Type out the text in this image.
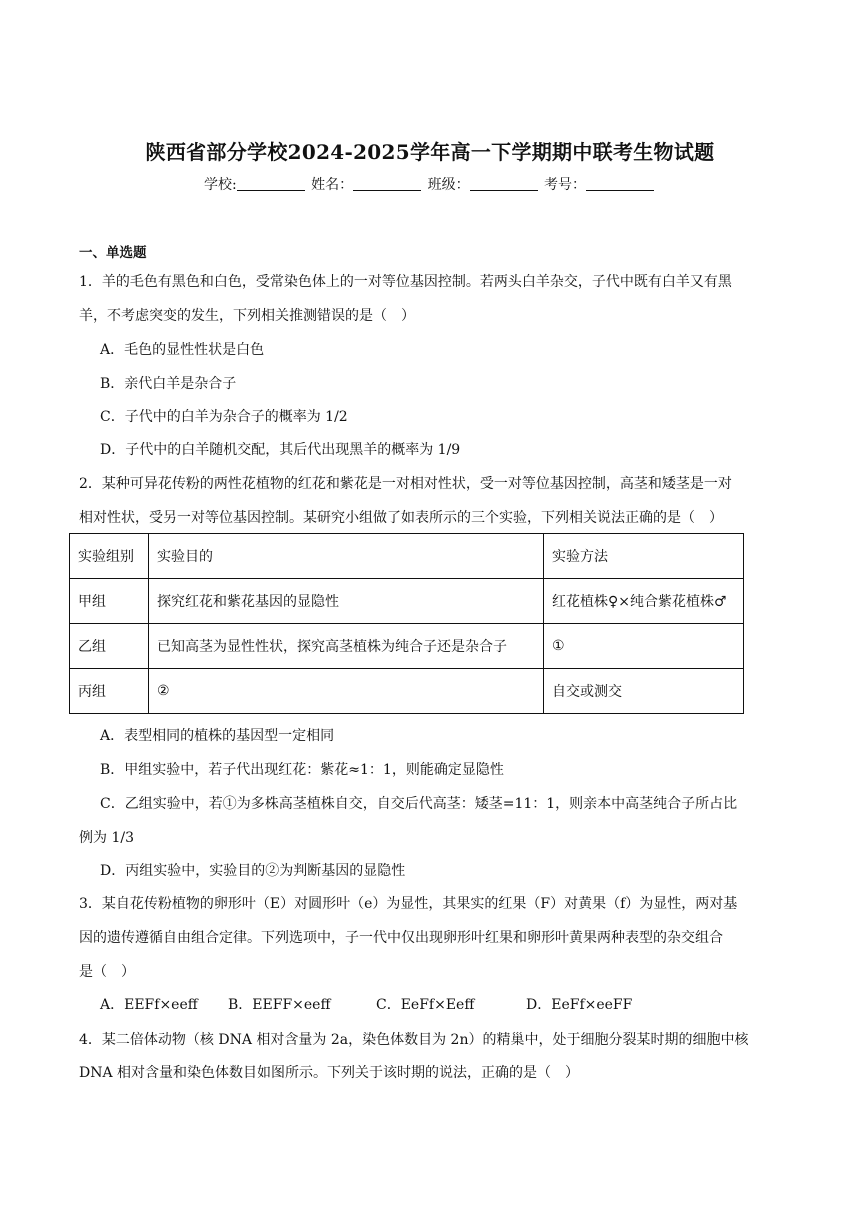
陕西省部分学校2024-2025学年高一下学期期中联考生物试题
学校:	姓名：	班级：	考号：
一、单选题
1．羊的毛色有黑色和白色，受常染色体上的一对等位基因控制。若两头白羊杂交，子代中既有白羊又有黑
羊，不考虑突变的发生，下列相关推测错误的是（　）
A．毛色的显性性状是白色
B．亲代白羊是杂合子
C．子代中的白羊为杂合子的概率为 1/2
D．子代中的白羊随机交配，其后代出现黑羊的概率为 1/9
2．某种可异花传粉的两性花植物的红花和紫花是一对相对性状，受一对等位基因控制，高茎和矮茎是一对
相对性状，受另一对等位基因控制。某研究小组做了如表所示的三个实验，下列相关说法正确的是（　）
实验组别	实验目的	实验方法
甲组	探究红花和紫花基因的显隐性	红花植株♀×纯合紫花植株♂
乙组	已知高茎为显性性状，探究高茎植株为纯合子还是杂合子	①
丙组	②	自交或测交
A．表型相同的植株的基因型一定相同
B．甲组实验中，若子代出现红花：紫花≈1：1，则能确定显隐性
C．乙组实验中，若①为多株高茎植株自交，自交后代高茎：矮茎=11：1，则亲本中高茎纯合子所占比
例为 1/3
D．丙组实验中，实验目的②为判断基因的显隐性
3．某自花传粉植物的卵形叶（E）对圆形叶（e）为显性，其果实的红果（F）对黄果（f）为显性，两对基
因的遗传遵循自由组合定律。下列选项中，子一代中仅出现卵形叶红果和卵形叶黄果两种表型的杂交组合
是（　）
A．EEFf×eeff B．EEFF×eeff	C．EeFf×Eeff	D．EeFf×eeFF
4．某二倍体动物（核 DNA 相对含量为 2a，染色体数目为 2n）的精巢中，处于细胞分裂某时期的细胞中核
DNA 相对含量和染色体数目如图所示。下列关于该时期的说法，正确的是（　）
